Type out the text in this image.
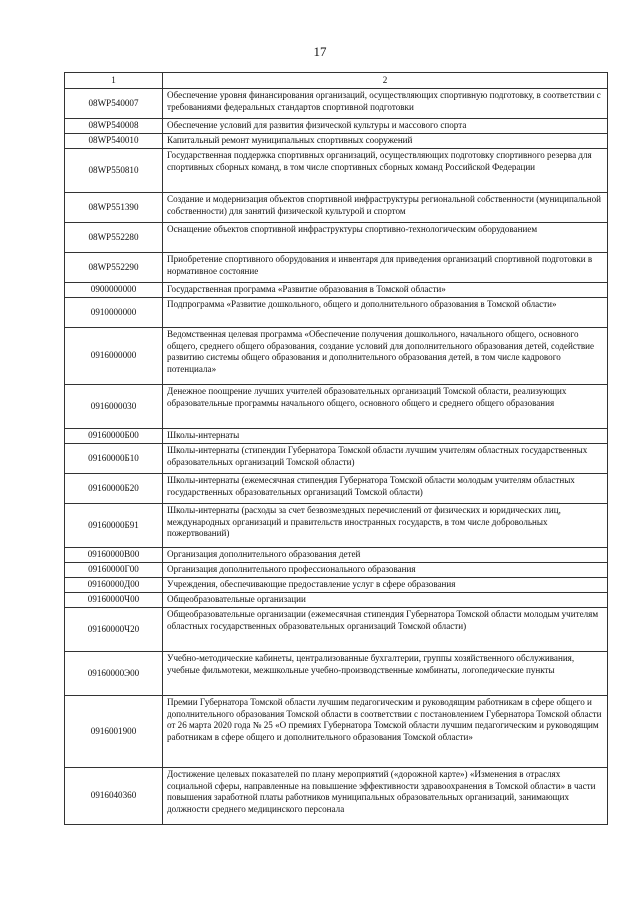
17
1	2
08WP540007	Обеспечение уровня финансирования организаций, осуществляющих спортивную подготовку, в соответствии с требованиями федеральных стандартов спортивной подготовки
08WP540008	Обеспечение условий для развития физической культуры и массового спорта
08WP540010	Капитальный ремонт муниципальных спортивных сооружений
08WP550810	Государственная поддержка спортивных организаций, осуществляющих подготовку спортивного резерва для спортивных сборных команд, в том числе спортивных сборных команд Российской Федерации
08WP551390	Создание и модернизация объектов спортивной инфраструктуры региональной собственности (муниципальной собственности) для занятий физической культурой и спортом
08WP552280	Оснащение объектов спортивной инфраструктуры спортивно-технологическим оборудованием
08WP552290	Приобретение спортивного оборудования и инвентаря для приведения организаций спортивной подготовки в нормативное состояние
0900000000	Государственная программа «Развитие образования в Томской области»
0910000000	Подпрограмма «Развитие дошкольного, общего и дополнительного образования в Томской области»
0916000000	Ведомственная целевая программа «Обеспечение получения дошкольного, начального общего, основного общего, среднего общего образования, создание условий для дополнительного образования детей, содействие развитию системы общего образования и дополнительного образования детей, в том числе кадрового потенциала»
0916000030	Денежное поощрение лучших учителей образовательных организаций Томской области, реализующих образовательные программы начального общего, основного общего и среднего общего образования
09160000Б00	Школы-интернаты
09160000Б10	Школы-интернаты (стипендии Губернатора Томской области лучшим учителям областных государственных образовательных организаций Томской области)
09160000Б20	Школы-интернаты (ежемесячная стипендия Губернатора Томской области молодым учителям областных государственных образовательных организаций Томской области)
09160000Б91	Школы-интернаты (расходы за счет безвозмездных перечислений от физических и юридических лиц, международных организаций и правительств иностранных государств, в том числе добровольных пожертвований)
09160000В00	Организация дополнительного образования детей
09160000Г00	Организация дополнительного профессионального образования
09160000Д00	Учреждения, обеспечивающие предоставление услуг в сфере образования
09160000Ч00	Общеобразовательные организации
09160000Ч20	Общеобразовательные организации (ежемесячная стипендия Губернатора Томской области молодым учителям областных государственных образовательных организаций Томской области)
09160000Э00	Учебно-методические кабинеты, централизованные бухгалтерии, группы хозяйственного обслуживания, учебные фильмотеки, межшкольные учебно-производственные комбинаты, логопедические пункты
0916001900	Премии Губернатора Томской области лучшим педагогическим и руководящим работникам в сфере общего и дополнительного образования Томской области в соответствии с постановлением Губернатора Томской области от 26 марта 2020 года № 25 «О премиях Губернатора Томской области лучшим педагогическим и руководящим работникам в сфере общего и дополнительного образования Томской области»
0916040360	Достижение целевых показателей по плану мероприятий («дорожной карте») «Изменения в отраслях социальной сферы, направленные на повышение эффективности здравоохранения в Томской области» в части повышения заработной платы работников муниципальных образовательных организаций, занимающих должности среднего медицинского персонала
